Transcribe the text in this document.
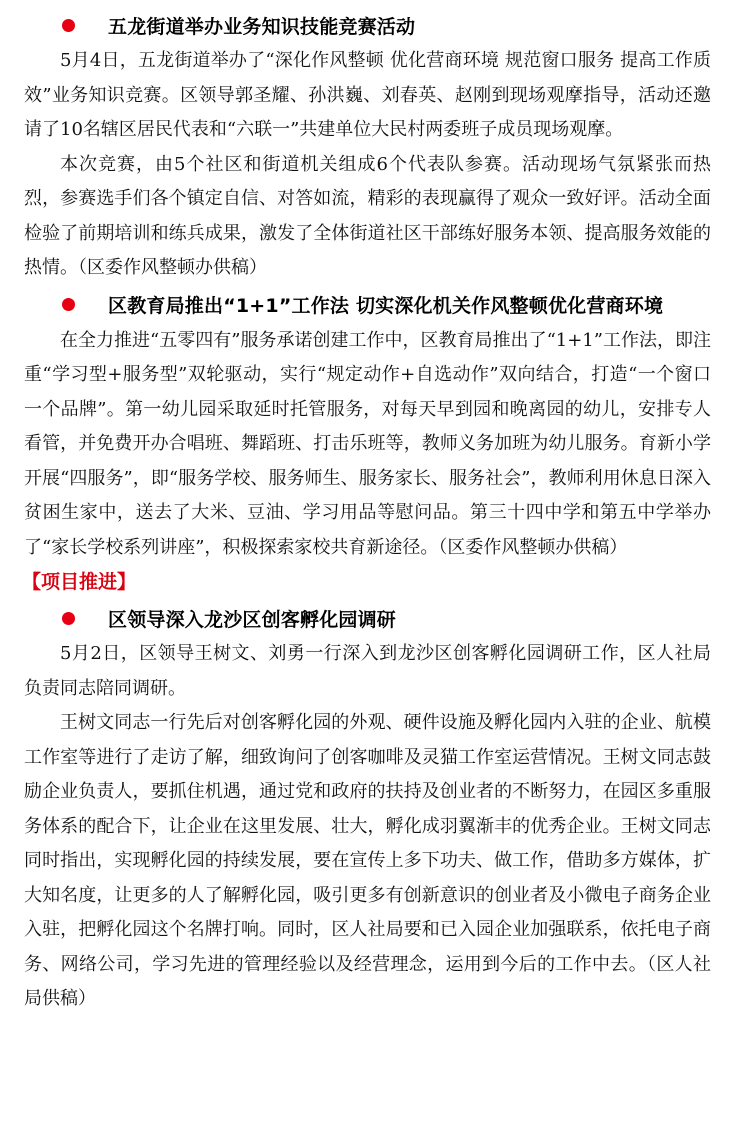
五龙街道举办业务知识技能竞赛活动

5月4日，五龙街道举办了“深化作风整顿 优化营商环境 规范窗口服务 提高工作质效”业务知识竞赛。区领导郭圣耀、孙洪巍、刘春英、赵刚到现场观摩指导，活动还邀请了10名辖区居民代表和“六联一”共建单位大民村两委班子成员现场观摩。

本次竞赛，由5个社区和街道机关组成6个代表队参赛。活动现场气氛紧张而热烈，参赛选手们各个镇定自信、对答如流，精彩的表现赢得了观众一致好评。活动全面检验了前期培训和练兵成果，激发了全体街道社区干部练好服务本领、提高服务效能的热情。（区委作风整顿办供稿）

区教育局推出“1+1”工作法 切实深化机关作风整顿优化营商环境

在全力推进“五零四有”服务承诺创建工作中，区教育局推出了“1+1”工作法，即注重“学习型+服务型”双轮驱动，实行“规定动作+自选动作”双向结合，打造“一个窗口一个品牌”。第一幼儿园采取延时托管服务，对每天早到园和晚离园的幼儿，安排专人看管，并免费开办合唱班、舞蹈班、打击乐班等，教师义务加班为幼儿服务。育新小学开展“四服务”，即“服务学校、服务师生、服务家长、服务社会”，教师利用休息日深入贫困生家中，送去了大米、豆油、学习用品等慰问品。第三十四中学和第五中学举办了“家长学校系列讲座”，积极探索家校共育新途径。（区委作风整顿办供稿）

【项目推进】
区领导深入龙沙区创客孵化园调研

5月2日，区领导王树文、刘勇一行深入到龙沙区创客孵化园调研工作，区人社局负责同志陪同调研。

王树文同志一行先后对创客孵化园的外观、硬件设施及孵化园内入驻的企业、航模工作室等进行了走访了解，细致询问了创客咖啡及灵猫工作室运营情况。王树文同志鼓励企业负责人，要抓住机遇，通过党和政府的扶持及创业者的不断努力，在园区多重服务体系的配合下，让企业在这里发展、壮大，孵化成羽翼渐丰的优秀企业。王树文同志同时指出，实现孵化园的持续发展，要在宣传上多下功夫、做工作，借助多方媒体，扩大知名度，让更多的人了解孵化园，吸引更多有创新意识的创业者及小微电子商务企业入驻，把孵化园这个名牌打响。同时，区人社局要和已入园企业加强联系，依托电子商务、网络公司，学习先进的管理经验以及经营理念，运用到今后的工作中去。（区人社局供稿）
